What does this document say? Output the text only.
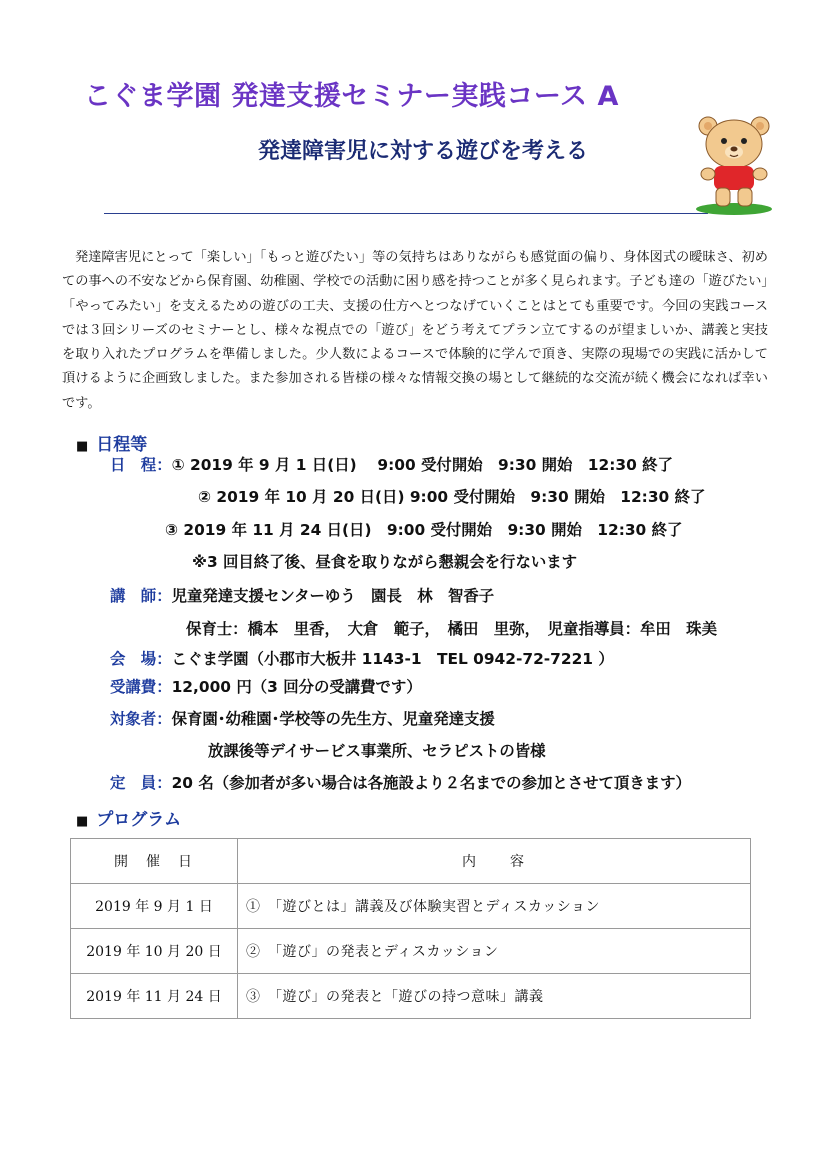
こぐま学園 発達支援セミナー実践コース A
発達障害児に対する遊びを考える

発達障害児にとって「楽しい」「もっと遊びたい」等の気持ちはありながらも感覚面の偏り、身体図式の曖昧さ、初めての事への不安などから保育園、幼稚園、学校での活動に困り感を持つことが多く見られます。子ども達の「遊びたい」「やってみたい」を支えるための遊びの工夫、支援の仕方へとつなげていくことはとても重要です。今回の実践コースでは３回シリーズのセミナーとし、様々な視点での「遊び」をどう考えてプラン立てするのが望ましいか、講義と実技を取り入れたプログラムを準備しました。少人数によるコースで体験的に学んで頂き、実際の現場での実践に活かして頂けるように企画致しました。また参加される皆様の様々な情報交換の場として継続的な交流が続く機会になれば幸いです。

■ 日程等
日　程：① 2019 年 9 月 1 日(日)　 9:00 受付開始　9:30 開始　12:30 終了
② 2019 年 10 月 20 日(日) 9:00 受付開始　9:30 開始　12:30 終了
③ 2019 年 11 月 24 日(日)　9:00 受付開始　9:30 開始　12:30 終了
※3 回目終了後、昼食を取りながら懇親会を行ないます
講　師：児童発達支援センターゆう　園長　林　智香子
保育士：橋本　里香，　大倉　範子，　橘田　里弥，　児童指導員：牟田　珠美
会　場：こぐま学園（小郡市大板井 1143-1　TEL 0942-72-7221 ）
受講費：12,000 円（3 回分の受講費です）
対象者：保育園･幼稚園･学校等の先生方、児童発達支援
放課後等デイサービス事業所、セラピストの皆様
定　員：20 名（参加者が多い場合は各施設より２名までの参加とさせて頂きます）
■ プログラム
開　催　日	内　　容
2019 年 9 月 1 日	①　「遊びとは」講義及び体験実習とディスカッション
2019 年 10 月 20 日	②　「遊び」の発表とディスカッション
2019 年 11 月 24 日	③　「遊び」の発表と「遊びの持つ意味」講義
